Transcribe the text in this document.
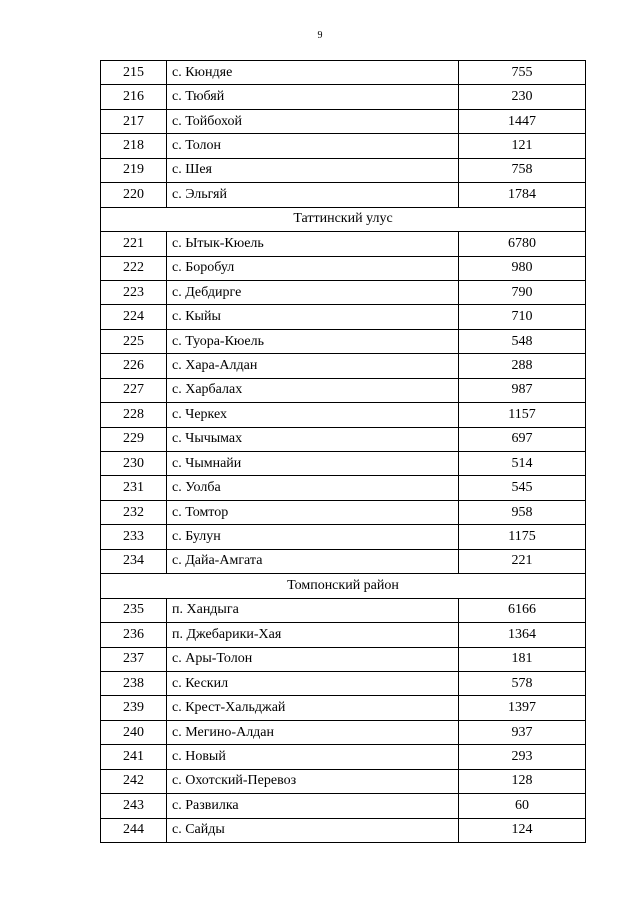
9
215	с. Кюндяе	755
216	с. Тюбяй	230
217	с. Тойбохой	1447
218	с. Толон	121
219	с. Шея	758
220	с. Эльгяй	1784
Таттинский улус		
221	с. Ытык-Кюель	6780
222	с. Боробул	980
223	с. Дебдирге	790
224	с. Кыйы	710
225	с. Туора-Кюель	548
226	с. Хара-Алдан	288
227	с. Харбалах	987
228	с. Черкех	1157
229	с. Чычымах	697
230	с. Чымнайи	514
231	с. Уолба	545
232	с. Томтор	958
233	с. Булун	1175
234	с. Дайа-Амгата	221
Томпонский район		
235	п. Хандыга	6166
236	п. Джебарики-Хая	1364
237	с. Ары-Толон	181
238	с. Кескил	578
239	с. Крест-Хальджай	1397
240	с. Мегино-Алдан	937
241	с. Новый	293
242	с. Охотский-Перевоз	128
243	с. Развилка	60
244	с. Сайды	124
